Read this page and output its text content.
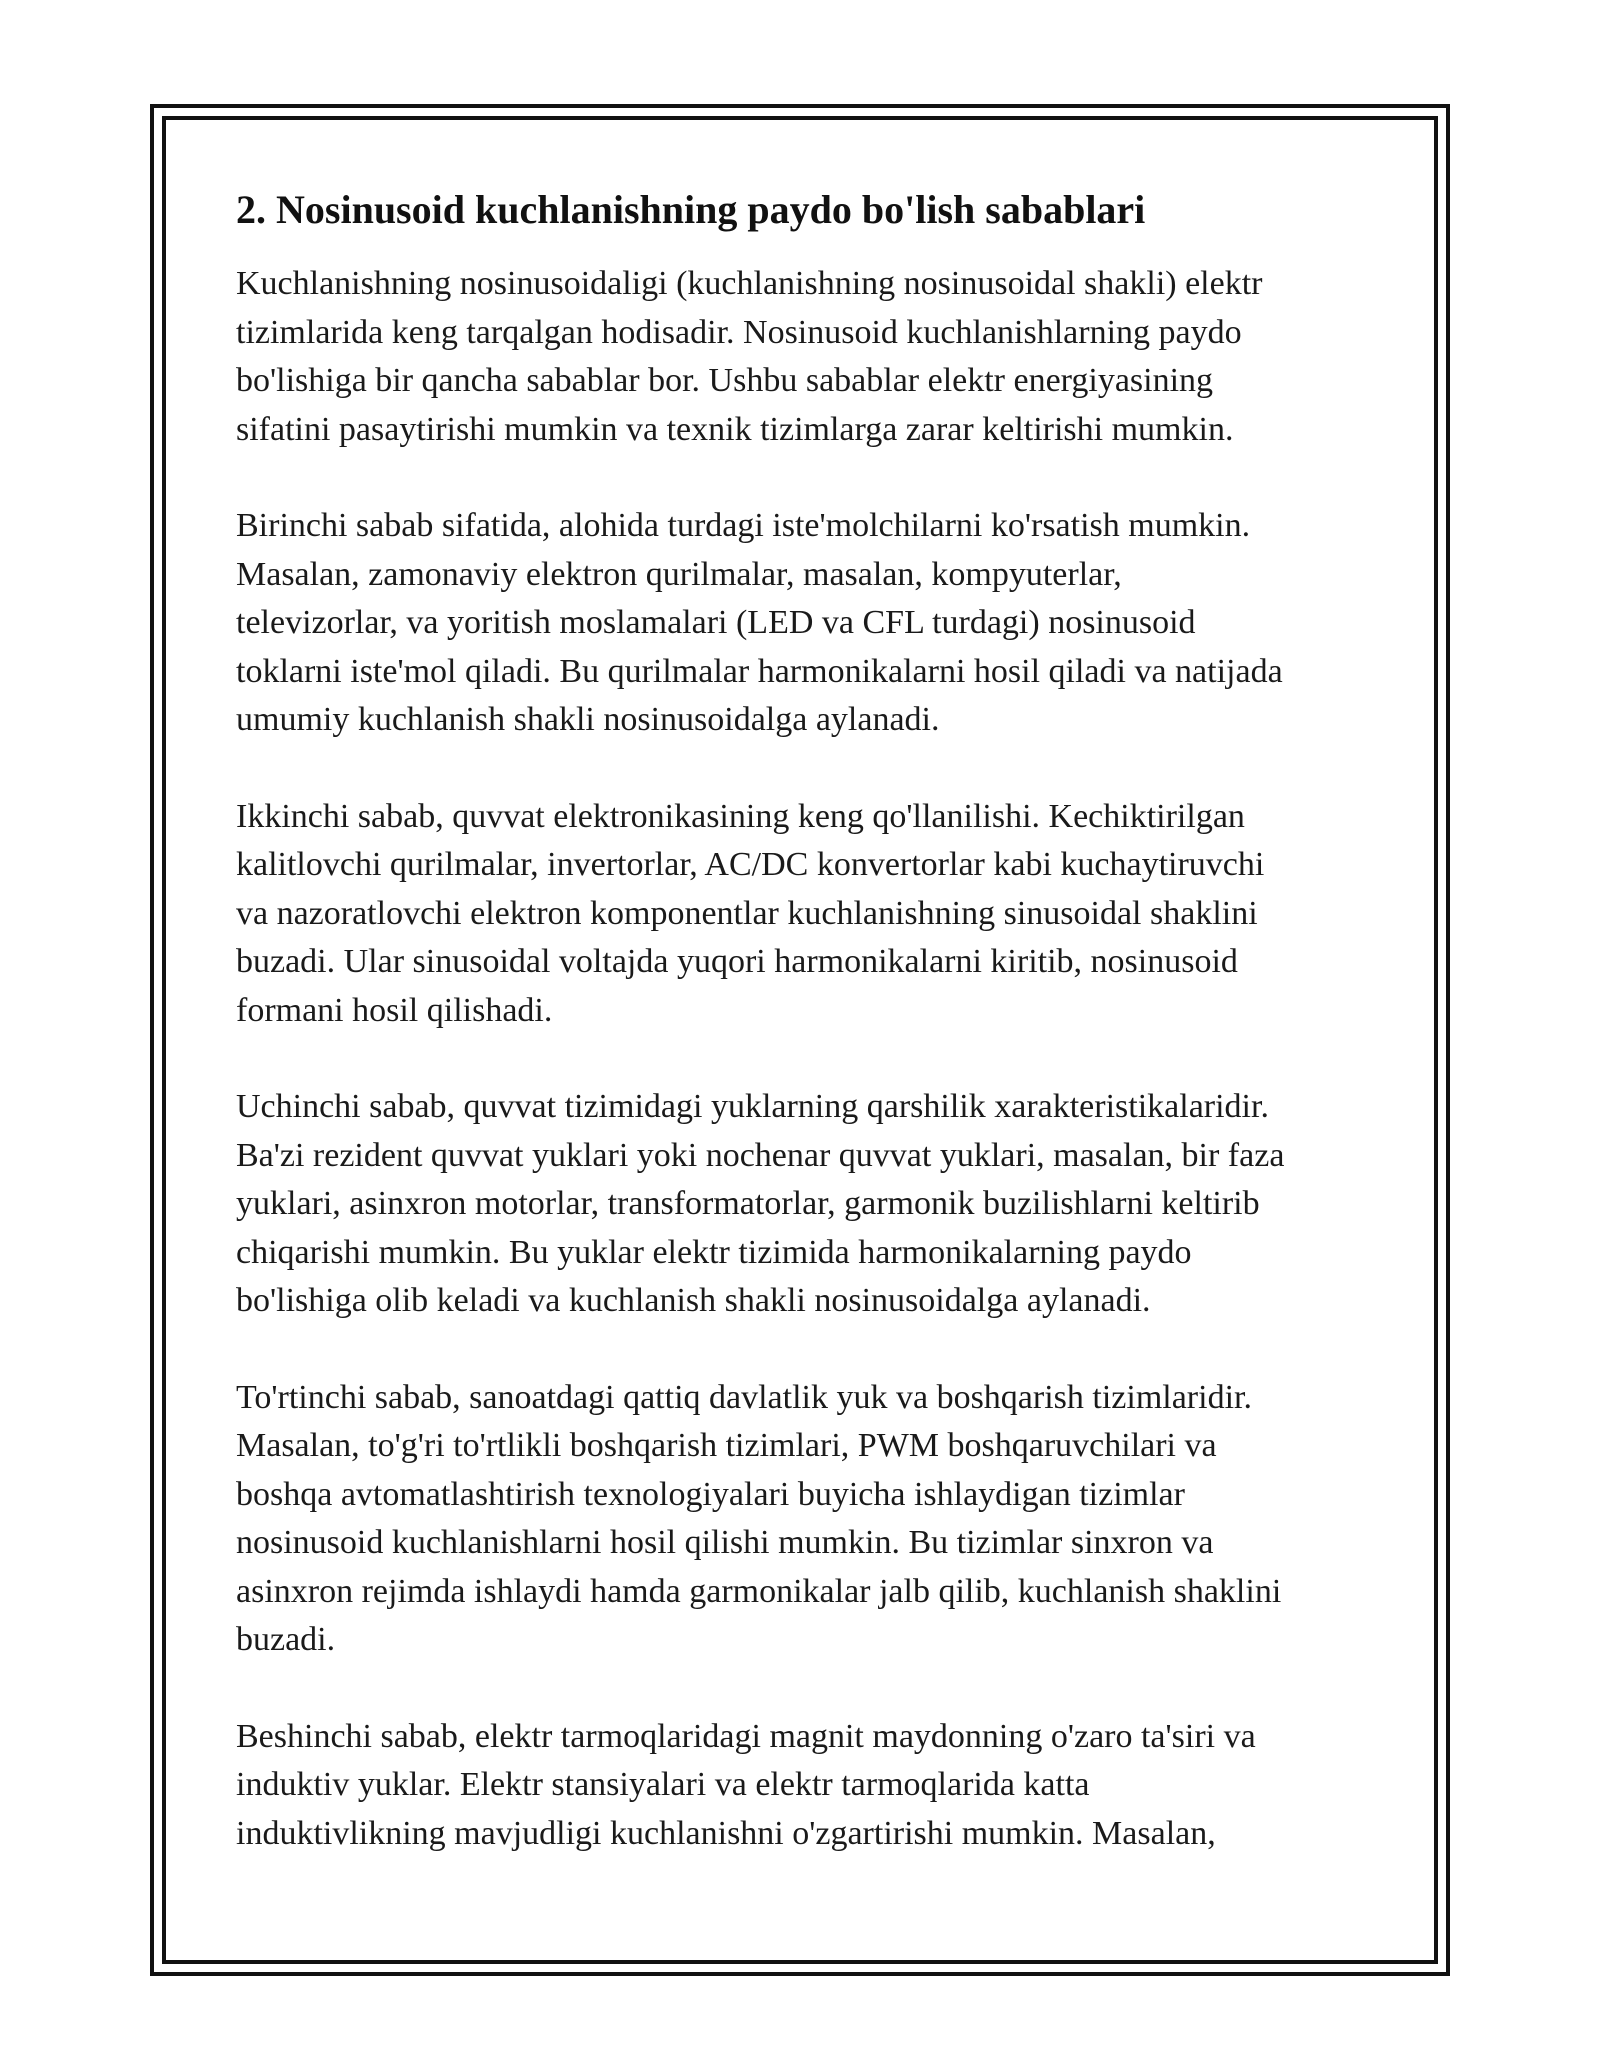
2. Nosinusoid kuchlanishning paydo bo'lish sabablari

Kuchlanishning nosinusoidaligi (kuchlanishning nosinusoidal shakli) elektr
tizimlarida keng tarqalgan hodisadir. Nosinusoid kuchlanishlarning paydo
bo'lishiga bir qancha sabablar bor. Ushbu sabablar elektr energiyasining
sifatini pasaytirishi mumkin va texnik tizimlarga zarar keltirishi mumkin.

Birinchi sabab sifatida, alohida turdagi iste'molchilarni ko'rsatish mumkin.
Masalan, zamonaviy elektron qurilmalar, masalan, kompyuterlar,
televizorlar, va yoritish moslamalari (LED va CFL turdagi) nosinusoid
toklarni iste'mol qiladi. Bu qurilmalar harmonikalarni hosil qiladi va natijada
umumiy kuchlanish shakli nosinusoidalga aylanadi.

Ikkinchi sabab, quvvat elektronikasining keng qo'llanilishi. Kechiktirilgan
kalitlovchi qurilmalar, invertorlar, AC/DC konvertorlar kabi kuchaytiruvchi
va nazoratlovchi elektron komponentlar kuchlanishning sinusoidal shaklini
buzadi. Ular sinusoidal voltajda yuqori harmonikalarni kiritib, nosinusoid
formani hosil qilishadi.

Uchinchi sabab, quvvat tizimidagi yuklarning qarshilik xarakteristikalaridir.
Ba'zi rezident quvvat yuklari yoki nochenar quvvat yuklari, masalan, bir faza
yuklari, asinxron motorlar, transformatorlar, garmonik buzilishlarni keltirib
chiqarishi mumkin. Bu yuklar elektr tizimida harmonikalarning paydo
bo'lishiga olib keladi va kuchlanish shakli nosinusoidalga aylanadi.

To'rtinchi sabab, sanoatdagi qattiq davlatlik yuk va boshqarish tizimlaridir.
Masalan, to'g'ri to'rtlikli boshqarish tizimlari, PWM boshqaruvchilari va
boshqa avtomatlashtirish texnologiyalari buyicha ishlaydigan tizimlar
nosinusoid kuchlanishlarni hosil qilishi mumkin. Bu tizimlar sinxron va
asinxron rejimda ishlaydi hamda garmonikalar jalb qilib, kuchlanish shaklini
buzadi.

Beshinchi sabab, elektr tarmoqlaridagi magnit maydonning o'zaro ta'siri va
induktiv yuklar. Elektr stansiyalari va elektr tarmoqlarida katta
induktivlikning mavjudligi kuchlanishni o'zgartirishi mumkin. Masalan,
